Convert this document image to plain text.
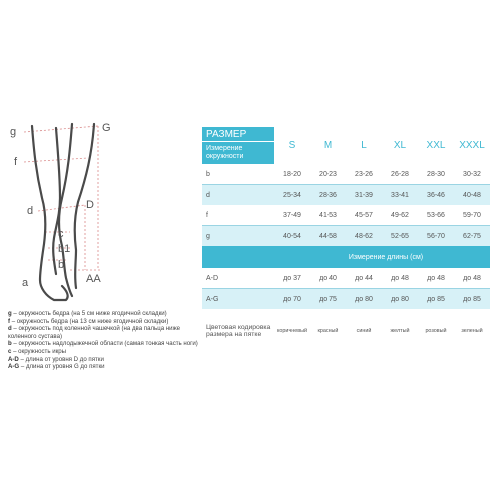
g	G
f
d	D
c
b1
b
a	AA
g – окружность бедра (на 5 см ниже ягодичной складки)
f – окружность бедра (на 13 см ниже ягодичной складки)
d – окружность под коленной чашечкой (на два пальца ниже коленного сустава)
b – окружность надлодыжечной области (самая тонкая часть ноги)
c – окружность икры
A-D – длина от уровня D до пятки
A-G – длина от уровня G до пятки
РАЗМЕР	S	M	L	XL	XXL	XXXL
Измерение окружности						
b	18-20	20-23	23-26	26-28	28-30	30-32
d	25-34	28-36	31-39	33-41	36-46	40-48
f	37-49	41-53	45-57	49-62	53-66	59-70
g	40-54	44-58	48-62	52-65	56-70	62-75
Измерение длины (см)						
A-D	до 37	до 40	до 44	до 48	до 48	до 48
A-G	до 70	до 75	до 80	до 80	до 85	до 85
Цветовая кодировка размера на пятке	коричневый	красный	синий	желтый	розовый	зеленый
